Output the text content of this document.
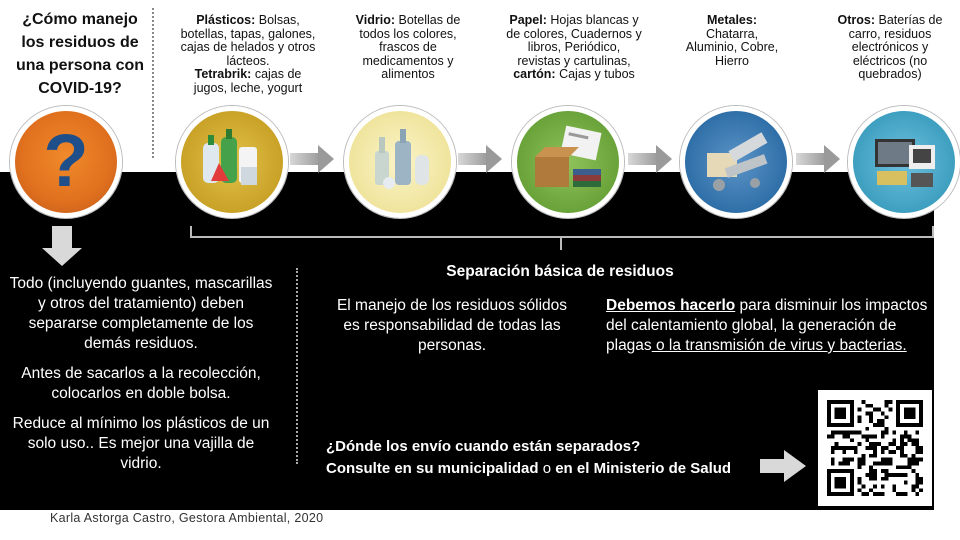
¿Cómo manejo los residuos de una persona con COVID-19?
?
Plásticos: Bolsas, botellas, tapas, galones, cajas de helados y otros lácteos.
Tetrabrik: cajas de jugos, leche, yogurt
Vidrio: Botellas de todos los colores, frascos de medicamentos y alimentos
Papel: Hojas blancas y de colores, Cuadernos y libros, Periódico, revistas y cartulinas, cartón: Cajas y tubos
Metales:
Chatarra, Aluminio, Cobre, Hierro
Otros: Baterías de carro, residuos electrónicos y eléctricos (no quebrados)
Separación básica de residuos
Todo (incluyendo guantes, mascarillas y otros del tratamiento) deben separarse completamente de los demás residuos.
Antes de sacarlos a la recolección, colocarlos en doble bolsa.
Reduce al mínimo los plásticos de un solo uso.. Es mejor una vajilla de vidrio.
El manejo de los residuos sólidos es responsabilidad de todas las personas.
Debemos hacerlo para disminuir los impactos del calentamiento global, la generación de plagas o la transmisión de virus y bacterias.
¿Dónde los envío cuando están separados?
Consulte en su municipalidad o en el Ministerio de Salud
Karla Astorga Castro, Gestora Ambiental, 2020
